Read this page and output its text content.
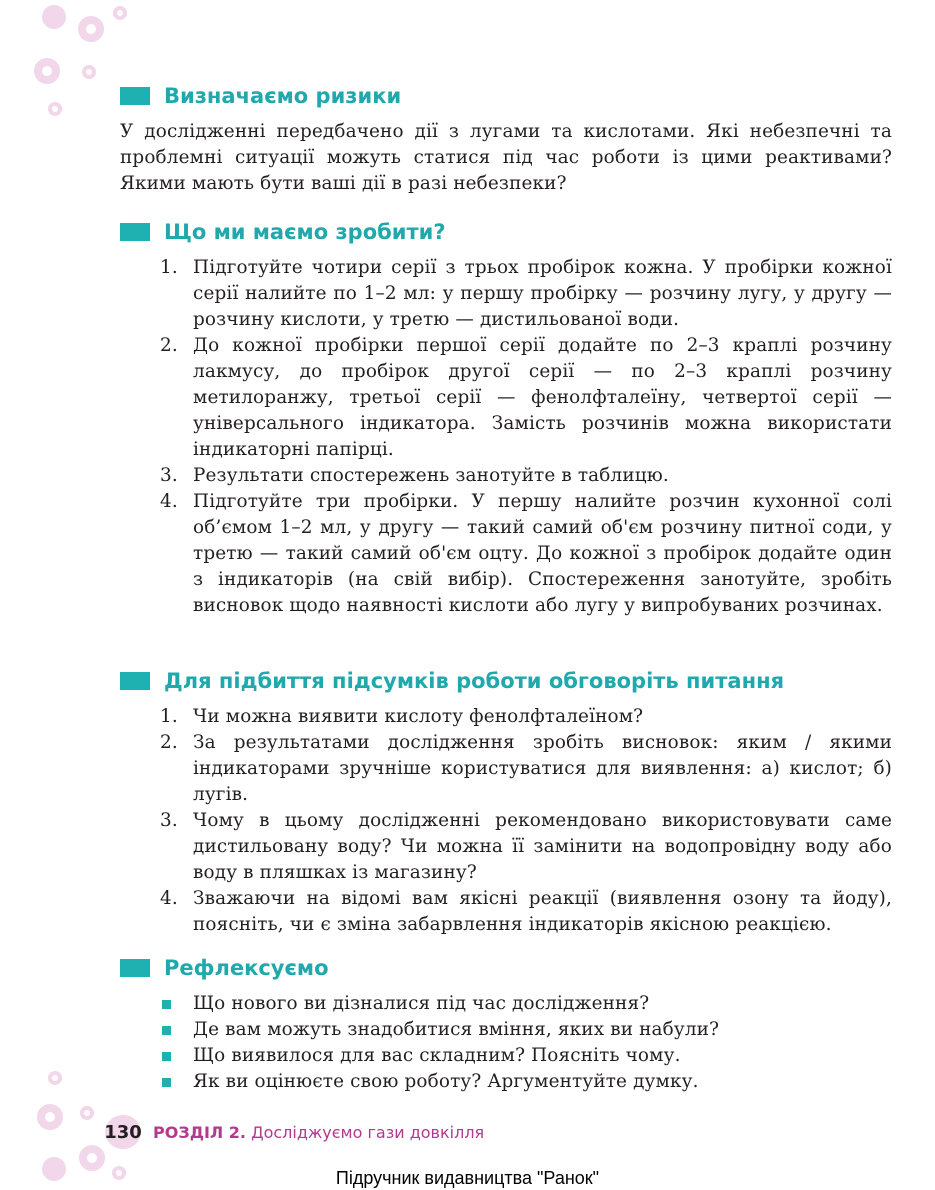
Визначаємо ризики
У дослідженні передбачено дії з лугами та кислотами. Які небезпечні та проблемні ситуації можуть статися під час роботи із цими реактивами? Якими мають бути ваші дії в разі небезпеки?
Що ми маємо зробити?
1. Підготуйте чотири серії з трьох пробірок кожна. У пробірки кожної серії налийте по 1–2 мл: у першу пробірку — розчину лугу, у другу — розчину кислоти, у третю — дистильованої води.
2. До кожної пробірки першої серії додайте по 2–3 краплі розчину лакмусу, до пробірок другої серії — по 2–3 краплі розчину метилоранжу, третьої серії — фенолфталеїну, четвертої серії — універсального індикатора. Замість розчинів можна використати індикаторні папірці.
3. Результати спостережень занотуйте в таблицю.
4. Підготуйте три пробірки. У першу налийте розчин кухонної солі об’ємом 1–2 мл, у другу — такий самий об'єм розчину питної соди, у третю — такий самий об'єм оцту. До кожної з пробірок додайте один з індикаторів (на свій вибір). Спостереження занотуйте, зробіть висновок щодо наявності кислоти або лугу у випробуваних розчинах.
Для підбиття підсумків роботи обговоріть питання
1. Чи можна виявити кислоту фенолфталеїном?
2. За результатами дослідження зробіть висновок: яким / якими індикаторами зручніше користуватися для виявлення: а) кислот; б) лугів.
3. Чому в цьому дослідженні рекомендовано використовувати саме дистильовану воду? Чи можна її замінити на водопровідну воду або воду в пляшках із магазину?
4. Зважаючи на відомі вам якісні реакції (виявлення озону та йоду), поясніть, чи є зміна забарвлення індикаторів якісною реакцією.
Рефлексуємо
Що нового ви дізналися під час дослідження?
Де вам можуть знадобитися вміння, яких ви набули?
Що виявилося для вас складним? Поясніть чому.
Як ви оцінюєте свою роботу? Аргументуйте думку.
130 РОЗДІЛ 2. Досліджуємо гази довкілля
Підручник видавництва "Ранок"
